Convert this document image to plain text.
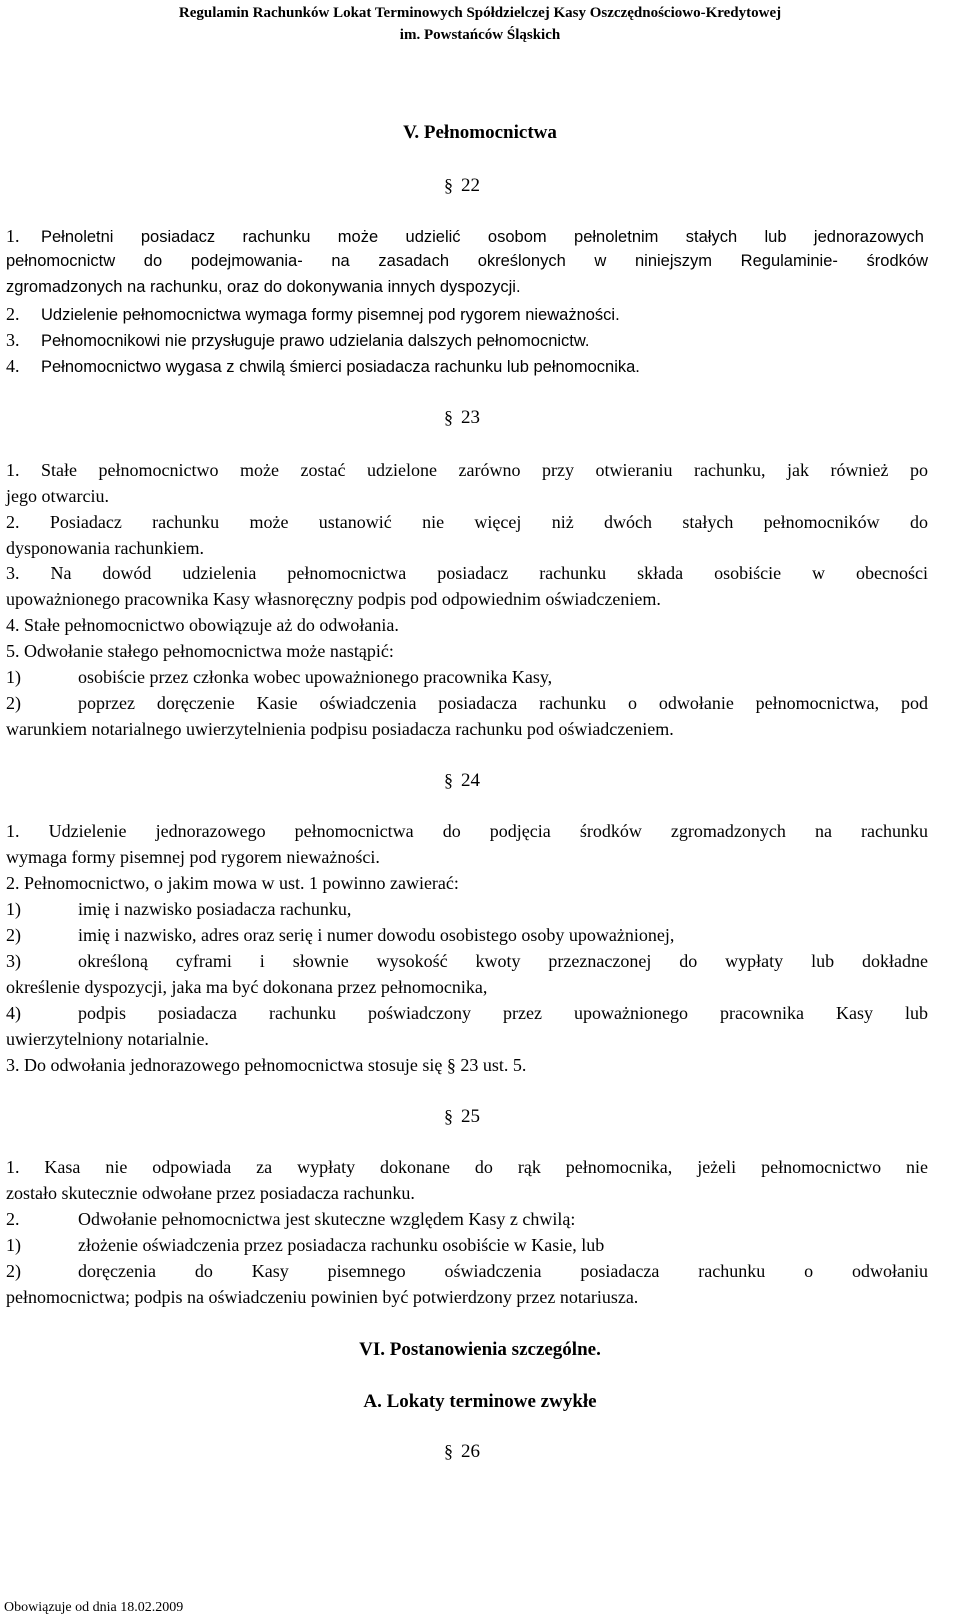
Regulamin Rachunków Lokat Terminowych Spółdzielczej Kasy Oszczędnościowo-Kredytowej
im. Powstańców Śląskich
V. Pełnomocnictwa
§ 22
1. Pełnoletni posiadacz rachunku może udzielić osobom pełnoletnim stałych lub jednorazowych
pełnomocnictw do podejmowania- na zasadach określonych w niniejszym Regulaminie- środków
zgromadzonych na rachunku, oraz do dokonywania innych dyspozycji.
2. Udzielenie pełnomocnictwa wymaga formy pisemnej pod rygorem nieważności.
3. Pełnomocnikowi nie przysługuje prawo udzielania dalszych pełnomocnictw.
4. Pełnomocnictwo wygasa z chwilą śmierci posiadacza rachunku lub pełnomocnika.
§ 23
1. Stałe pełnomocnictwo może zostać udzielone zarówno przy otwieraniu rachunku, jak również po
jego otwarciu.
2. Posiadacz rachunku może ustanowić nie więcej niż dwóch stałych pełnomocników do
dysponowania rachunkiem.
3. Na dowód udzielenia pełnomocnictwa posiadacz rachunku składa osobiście w obecności
upoważnionego pracownika Kasy własnoręczny podpis pod odpowiednim oświadczeniem.
4. Stałe pełnomocnictwo obowiązuje aż do odwołania.
5. Odwołanie stałego pełnomocnictwa może nastąpić:
1)	osobiście przez członka wobec upoważnionego pracownika Kasy,
2)	poprzez doręczenie Kasie oświadczenia posiadacza rachunku o odwołanie pełnomocnictwa, pod
warunkiem notarialnego uwierzytelnienia podpisu posiadacza rachunku pod oświadczeniem.
§ 24
1. Udzielenie jednorazowego pełnomocnictwa do podjęcia środków zgromadzonych na rachunku
wymaga formy pisemnej pod rygorem nieważności.
2. Pełnomocnictwo, o jakim mowa w ust. 1 powinno zawierać:
1)	imię i nazwisko posiadacza rachunku,
2)	imię i nazwisko, adres oraz serię i numer dowodu osobistego osoby upoważnionej,
3)	określoną cyframi i słownie wysokość kwoty przeznaczonej do wypłaty lub dokładne
określenie dyspozycji, jaka ma być dokonana przez pełnomocnika,
4)	podpis posiadacza rachunku poświadczony przez upoważnionego pracownika Kasy lub
uwierzytelniony notarialnie.
3. Do odwołania jednorazowego pełnomocnictwa stosuje się § 23 ust. 5.
§ 25
1. Kasa nie odpowiada za wypłaty dokonane do rąk pełnomocnika, jeżeli pełnomocnictwo nie
zostało skutecznie odwołane przez posiadacza rachunku.
2.	Odwołanie pełnomocnictwa jest skuteczne względem Kasy z chwilą:
1)	złożenie oświadczenia przez posiadacza rachunku osobiście w Kasie, lub
2)	doręczenia do Kasy pisemnego oświadczenia posiadacza rachunku o odwołaniu
pełnomocnictwa; podpis na oświadczeniu powinien być potwierdzony przez notariusza.
VI. Postanowienia szczególne.
A. Lokaty terminowe zwykłe
§ 26
Obowiązuje od dnia 18.02.2009
